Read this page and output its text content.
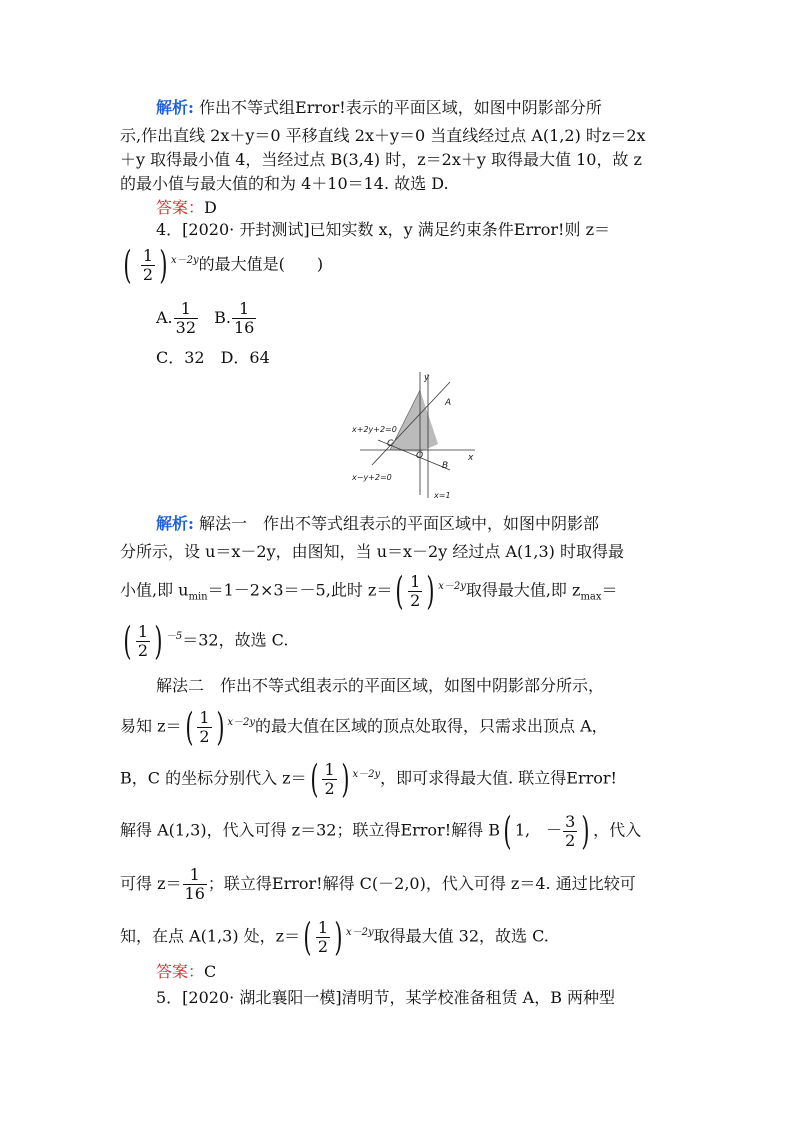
解析: 作出不等式组Error!表示的平面区域，如图中阴影部分所
示,作出直线 2x＋y＝0 平移直线 2x＋y＝0 当直线经过点 A(1,2) 时z＝2x
＋y 取得最小值 4，当经过点 B(3,4) 时，z＝2x＋y 取得最大值 10，故 z
的最小值与最大值的和为 4＋10＝14. 故选 D.
答案：D
4．[2020· 开封测试]已知实数 x，y 满足约束条件Error!则 z＝
( $\frac{1}{2}$ ) $^{x-2y}$的最大值是(　　)
A. $\frac{1}{32} B$. $\frac{1}{16}$
C．32　D．64
y
x
A
B
C
O
x+2y+2=0
x−y+2=0
x=1
解析: 解法一　作出不等式组表示的平面区域中，如图中阴影部
分所示，设 u＝x－2y，由图知，当 u＝x－2y 经过点 A(1,3) 时取得最
小值,即 $u_{min}=1-2\times 3=-5$,此时 $z=( \frac{1}{2}$ ) $^{x-2y}$取得最大值,即 $z_{max}=$
( $\frac{1}{2}$ ) $^{-5}$＝32，故选 C.
解法二　作出不等式组表示的平面区域，如图中阴影部分所示，
易知 $z=( \frac{1}{2}$ ) $^{x-2y}$的最大值在区域的顶点处取得，只需求出顶点 A，
B，C 的坐标分别代入 $z=( \frac{1}{2}$ ) $^{x-2y}$，即可求得最大值. 联立得Error!
解得 A(1,3)，代入可得 z＝32；联立得Error!解得 B( 1,　－ $\frac{3}{2}$ ) ，代入
可得 $z= \frac{1}{16}$ ；联立得Error!解得 C(－2,0)，代入可得 z＝4. 通过比较可
知，在点 A(1,3) 处，$z=( \frac{1}{2}$ ) $^{x-2y}$取得最大值 32，故选 C.
答案：C
5．[2020· 湖北襄阳一模]清明节，某学校准备租赁 A，B 两种型
